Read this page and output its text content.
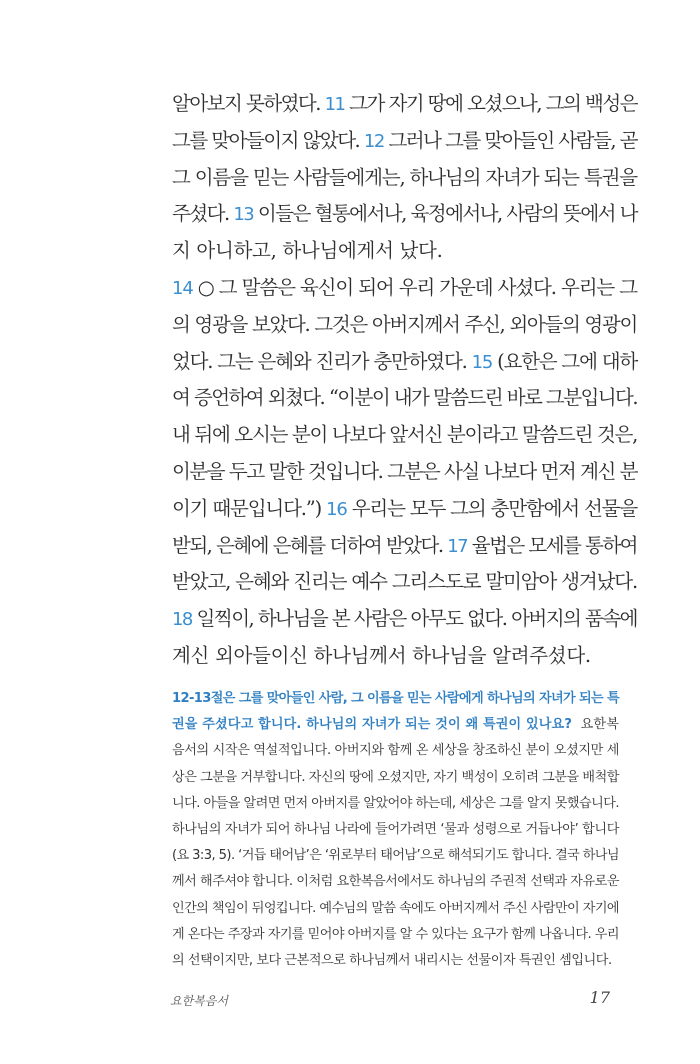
알아보지 못하였다. 11 그가 자기 땅에 오셨으나, 그의 백성은
그를 맞아들이지 않았다. 12 그러나 그를 맞아들인 사람들, 곧
그 이름을 믿는 사람들에게는, 하나님의 자녀가 되는 특권을
주셨다. 13 이들은 혈통에서나, 육정에서나, 사람의 뜻에서 나
지 아니하고, 하나님에게서 났다.
14 ○ 그 말씀은 육신이 되어 우리 가운데 사셨다. 우리는 그
의 영광을 보았다. 그것은 아버지께서 주신, 외아들의 영광이
었다. 그는 은혜와 진리가 충만하였다. 15 (요한은 그에 대하
여 증언하여 외쳤다. “이분이 내가 말씀드린 바로 그분입니다.
내 뒤에 오시는 분이 나보다 앞서신 분이라고 말씀드린 것은,
이분을 두고 말한 것입니다. 그분은 사실 나보다 먼저 계신 분
이기 때문입니다.”) 16 우리는 모두 그의 충만함에서 선물을
받되, 은혜에 은혜를 더하여 받았다. 17 율법은 모세를 통하여
받았고, 은혜와 진리는 예수 그리스도로 말미암아 생겨났다.
18 일찍이, 하나님을 본 사람은 아무도 없다. 아버지의 품속에
계신 외아들이신 하나님께서 하나님을 알려주셨다.
12-13절은 그를 맞아들인 사람, 그 이름을 믿는 사람에게 하나님의 자녀가 되는 특
권을 주셨다고 합니다. 하나님의 자녀가 되는 것이 왜 특권이 있나요?  요한복
음서의 시작은 역설적입니다. 아버지와 함께 온 세상을 창조하신 분이 오셨지만 세
상은 그분을 거부합니다. 자신의 땅에 오셨지만, 자기 백성이 오히려 그분을 배척합
니다. 아들을 알려면 먼저 아버지를 알았어야 하는데, 세상은 그를 알지 못했습니다.
하나님의 자녀가 되어 하나님 나라에 들어가려면 ‘물과 성령으로 거듭나야’ 합니다
(요 3:3, 5). ‘거듭 태어남’은 ‘위로부터 태어남’으로 해석되기도 합니다. 결국 하나님
께서 해주셔야 합니다. 이처럼 요한복음서에서도 하나님의 주권적 선택과 자유로운
인간의 책임이 뒤엉킵니다. 예수님의 말씀 속에도 아버지께서 주신 사람만이 자기에
게 온다는 주장과 자기를 믿어야 아버지를 알 수 있다는 요구가 함께 나옵니다. 우리
의 선택이지만, 보다 근본적으로 하나님께서 내리시는 선물이자 특권인 셈입니다.
요한복음서	17
